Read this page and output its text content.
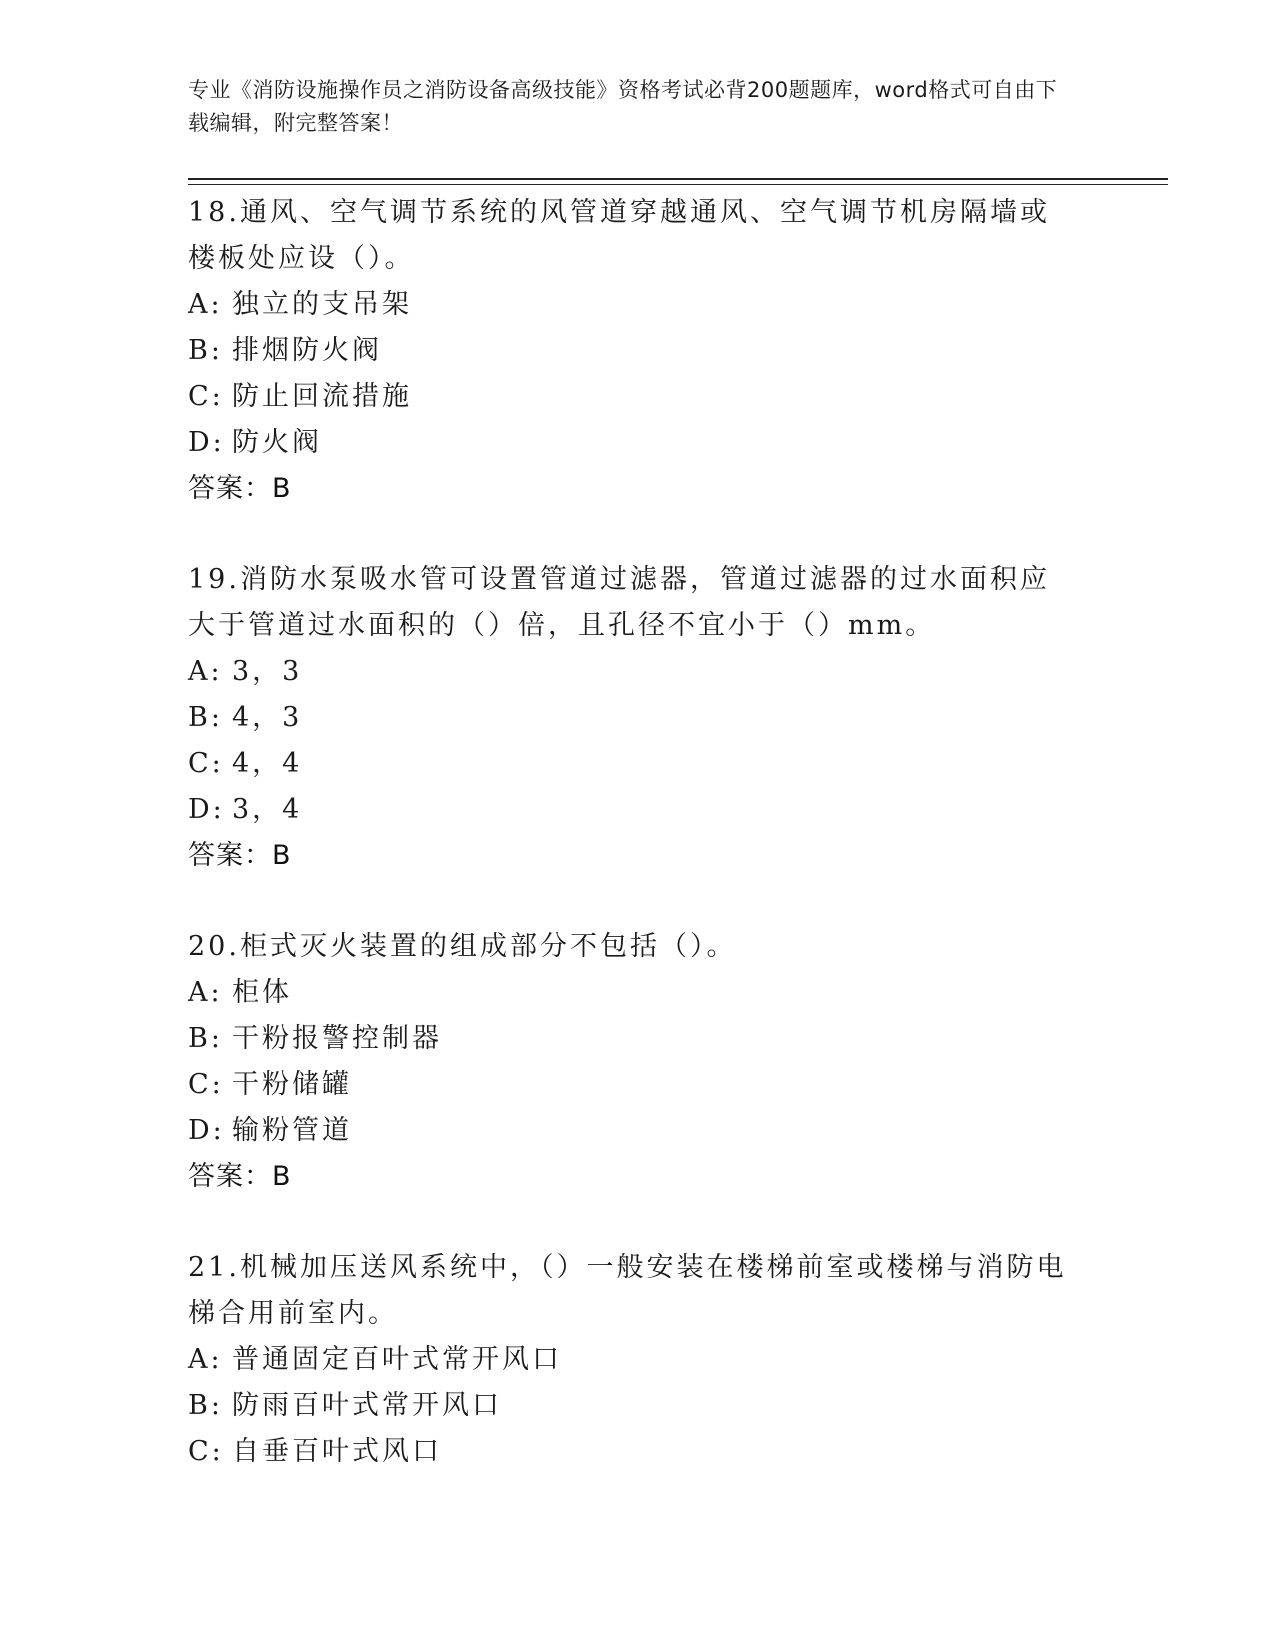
专业《消防设施操作员之消防设备高级技能》资格考试必背200题题库，word格式可自由下载编辑，附完整答案！
18.通风、空气调节系统的风管道穿越通风、空气调节机房隔墙或楼板处应设（）。
A: 独立的支吊架
B: 排烟防火阀
C: 防止回流措施
D: 防火阀
答案：B
19.消防水泵吸水管可设置管道过滤器，管道过滤器的过水面积应大于管道过水面积的（）倍，且孔径不宜小于（）mm。
A: 3，3
B: 4，3
C: 4，4
D: 3，4
答案：B
20.柜式灭火装置的组成部分不包括（）。
A: 柜体
B: 干粉报警控制器
C: 干粉储罐
D: 输粉管道
答案：B
21.机械加压送风系统中，（）一般安装在楼梯前室或楼梯与消防电梯合用前室内。
A: 普通固定百叶式常开风口
B: 防雨百叶式常开风口
C: 自垂百叶式风口
